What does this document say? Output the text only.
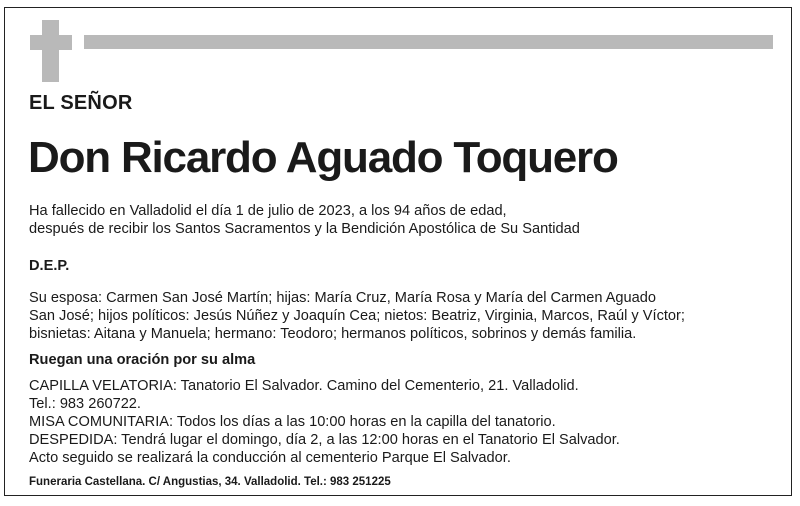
EL SEÑOR
Don Ricardo Aguado Toquero
Ha fallecido en Valladolid el día 1 de julio de 2023, a los 94 años de edad,
después de recibir los Santos Sacramentos y la Bendición Apostólica de Su Santidad
D.E.P.
Su esposa: Carmen San José Martín; hijas: María Cruz, María Rosa y María del Carmen Aguado
San José; hijos políticos: Jesús Núñez y Joaquín Cea; nietos: Beatriz, Virginia, Marcos, Raúl y Víctor;
bisnietas: Aitana y Manuela; hermano: Teodoro; hermanos políticos, sobrinos y demás familia.
Ruegan una oración por su alma
CAPILLA VELATORIA: Tanatorio El Salvador. Camino del Cementerio, 21. Valladolid.
Tel.: 983 260722.
MISA COMUNITARIA: Todos los días a las 10:00 horas en la capilla del tanatorio.
DESPEDIDA: Tendrá lugar el domingo, día 2, a las 12:00 horas en el Tanatorio El Salvador.
Acto seguido se realizará la conducción al cementerio Parque El Salvador.
Funeraria Castellana. C/ Angustias, 34. Valladolid. Tel.: 983 251225
